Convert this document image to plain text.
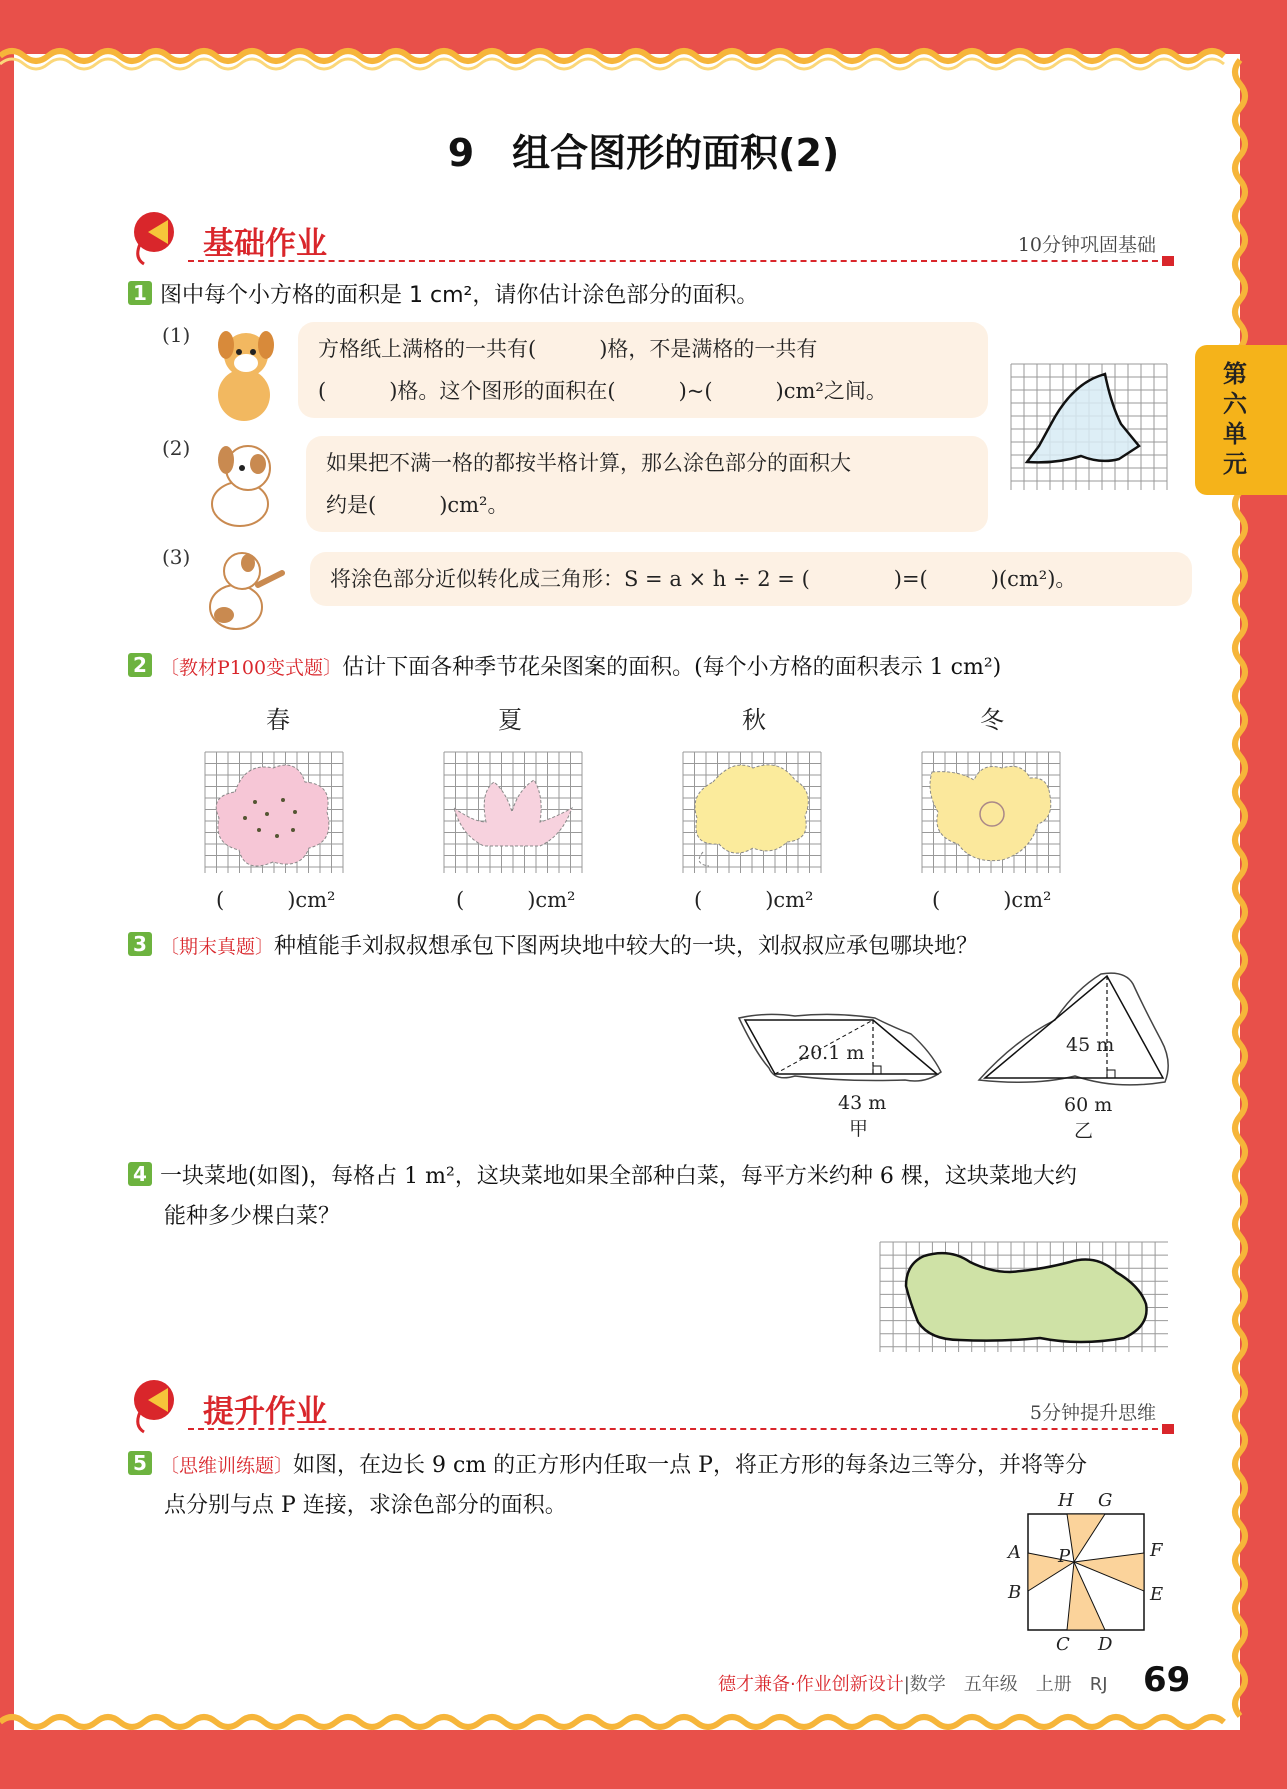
9　组合图形的面积(2)
第六单元
基础作业	10分钟巩固基础
1 图中每个小方格的面积是 1 cm²，请你估计涂色部分的面积。
(1)
方格纸上满格的一共有(　　　)格，不是满格的一共有
(　　　)格。这个图形的面积在(　　　)~(　　　)cm²之间。
(2)
如果把不满一格的都按半格计算，那么涂色部分的面积大
约是(　　　)cm²。
(3)
将涂色部分近似转化成三角形：S = a × h ÷ 2 = (　　　　)=(　　　)(cm²)。
2 〔教材P100变式题〕估计下面各种季节花朵图案的面积。(每个小方格的面积表示 1 cm²)
春	夏	秋	冬
(　　　)cm²	(　　　)cm²	(　　　)cm²	(　　　)cm²
3 〔期末真题〕种植能手刘叔叔想承包下图两块地中较大的一块，刘叔叔应承包哪块地？
20.1 m
43 m
甲
45 m
60 m
乙
4 一块菜地(如图)，每格占 1 m²，这块菜地如果全部种白菜，每平方米约种 6 棵，这块菜地大约
能种多少棵白菜？
提升作业	5分钟提升思维
5 〔思维训练题〕如图，在边长 9 cm 的正方形内任取一点 P，将正方形的每条边三等分，并将等分
点分别与点 P 连接，求涂色部分的面积。	H G
A	F
P
B	E
C D
德才兼备·作业创新设计|数学　五年级　上册　RJ 69
